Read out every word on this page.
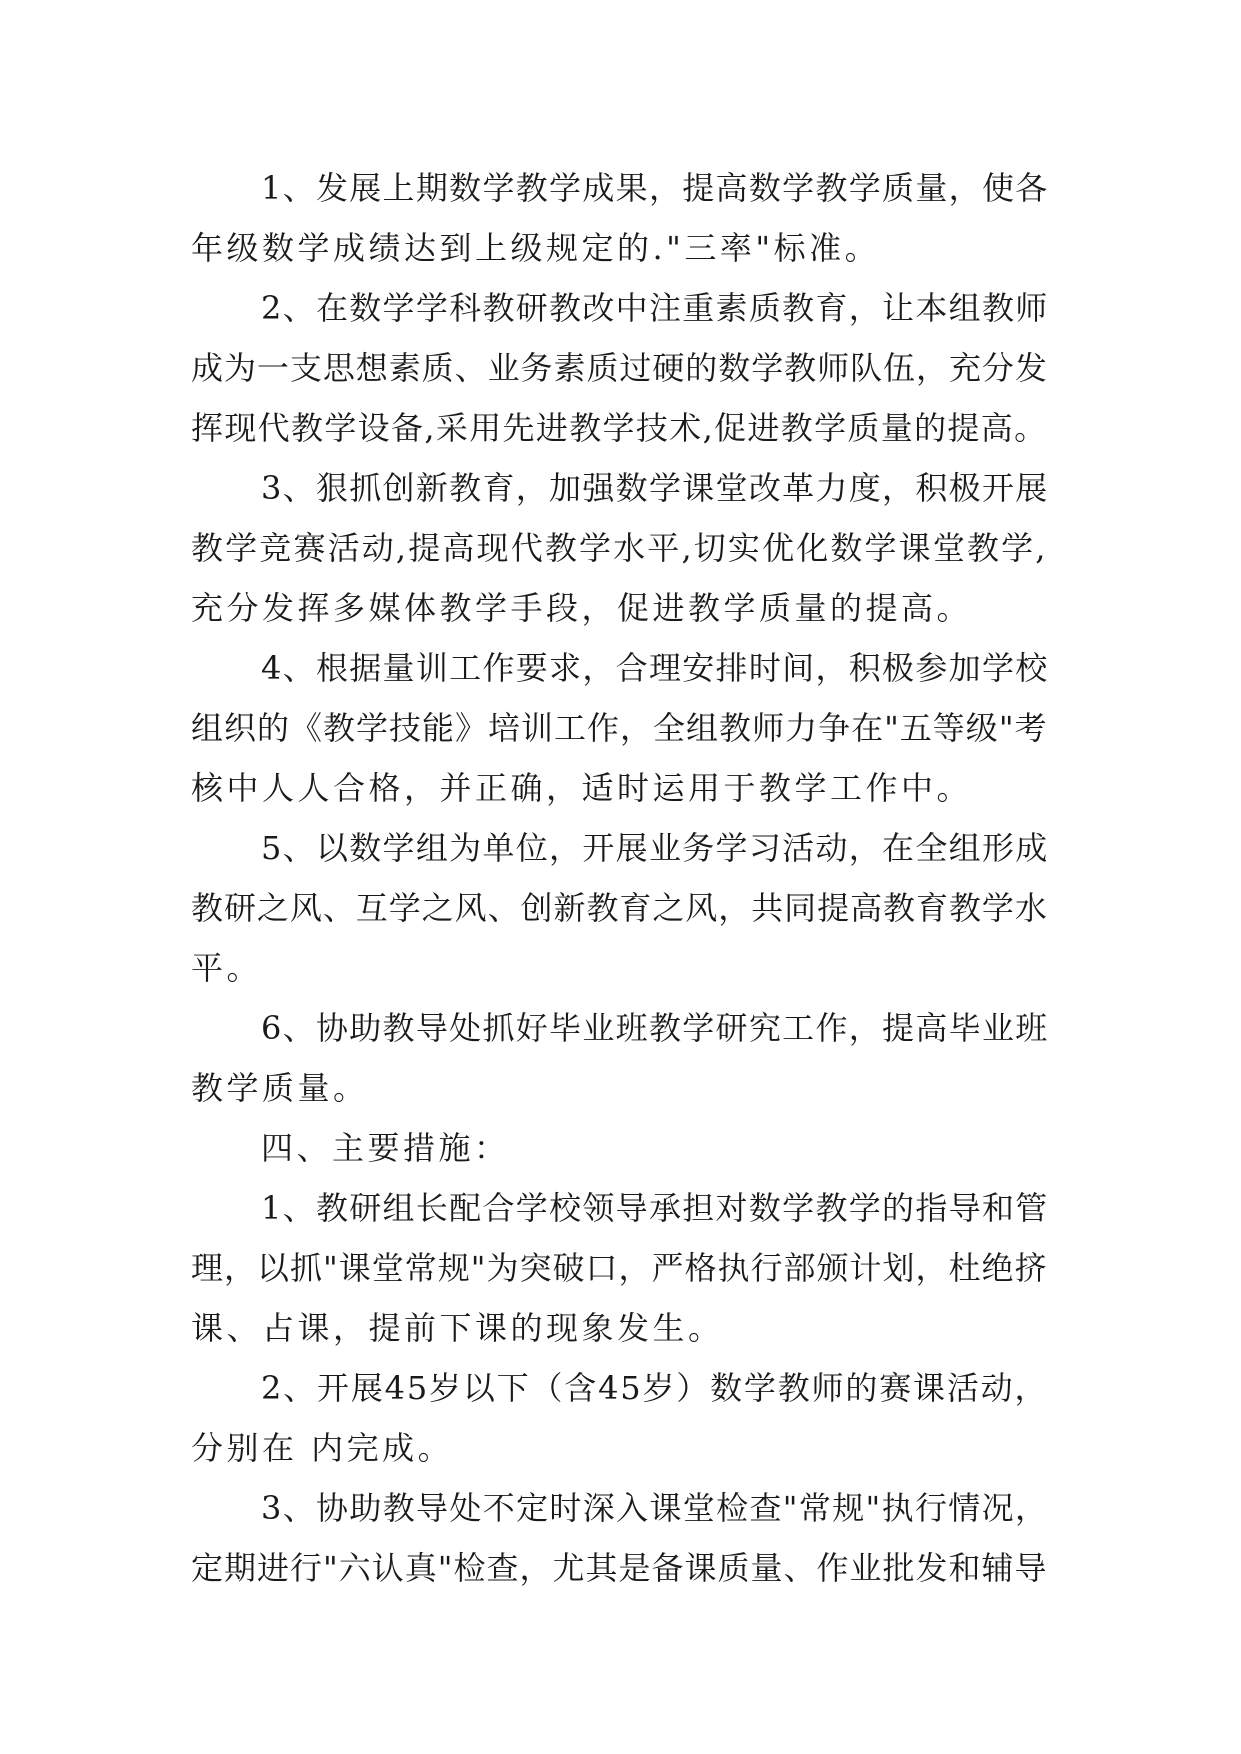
1、发展上期数学教学成果，提高数学教学质量，使各
年级数学成绩达到上级规定的."三率"标准。
2、在数学学科教研教改中注重素质教育，让本组教师
成为一支思想素质、业务素质过硬的数学教师队伍，充分发
挥现代教学设备,采用先进教学技术,促进教学质量的提高。
3、狠抓创新教育，加强数学课堂改革力度，积极开展
教学竞赛活动,提高现代教学水平,切实优化数学课堂教学,
充分发挥多媒体教学手段，促进教学质量的提高。
4、根据量训工作要求，合理安排时间，积极参加学校
组织的《教学技能》培训工作，全组教师力争在"五等级"考
核中人人合格，并正确，适时运用于教学工作中。
5、以数学组为单位，开展业务学习活动，在全组形成
教研之风、互学之风、创新教育之风，共同提高教育教学水
平。
6、协助教导处抓好毕业班教学研究工作，提高毕业班
教学质量。
四、主要措施：
1、教研组长配合学校领导承担对数学教学的指导和管
理，以抓"课堂常规"为突破口，严格执行部颁计划，杜绝挤
课、占课，提前下课的现象发生。
2、开展45岁以下（含45岁）数学教师的赛课活动，
分别在 内完成。
3、协助教导处不定时深入课堂检查"常规"执行情况，
定期进行"六认真"检查，尤其是备课质量、作业批发和辅导
